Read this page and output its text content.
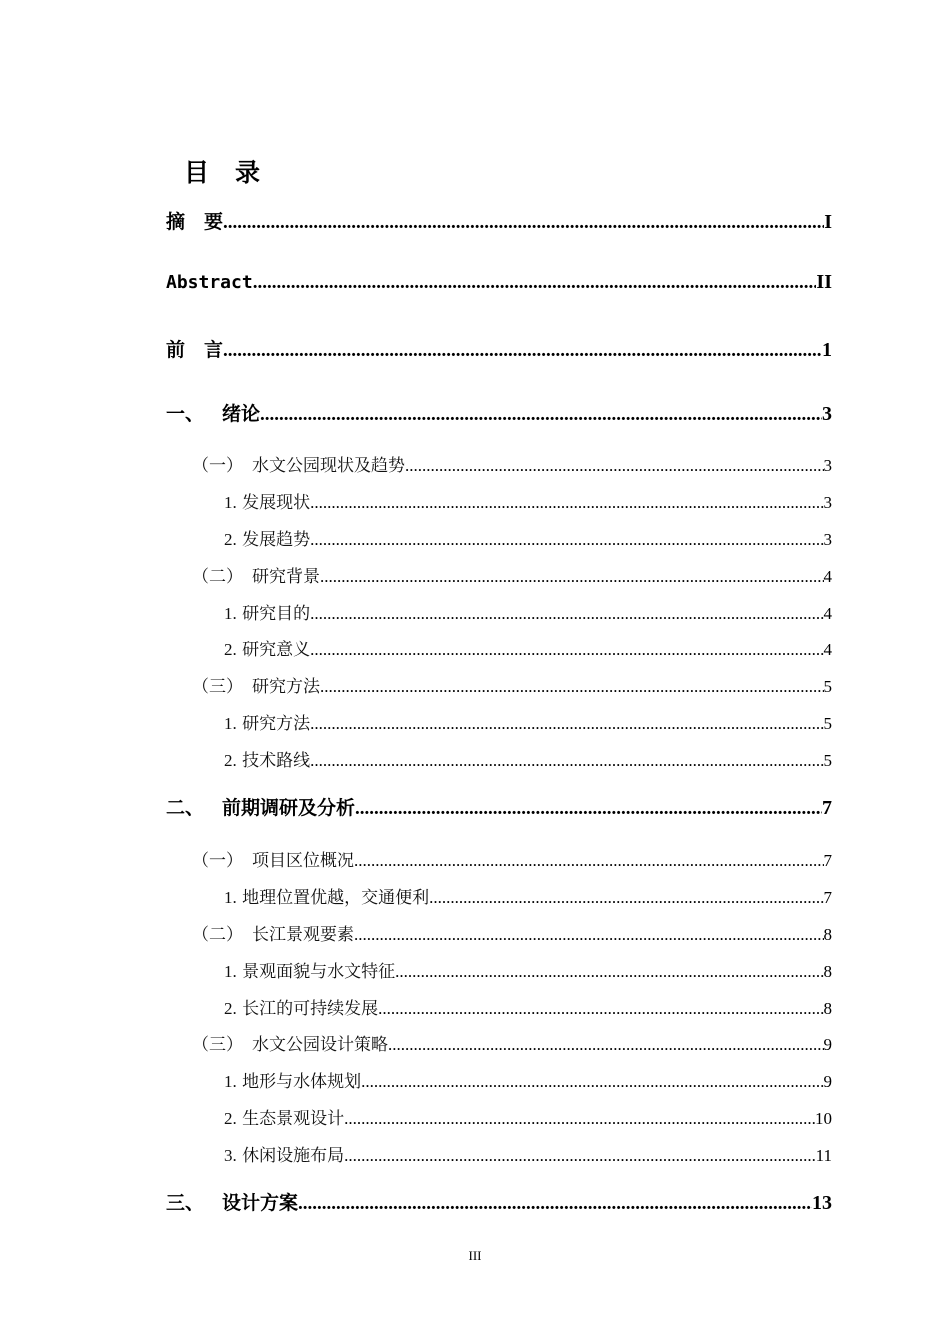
目 录
摘　要 .....	I
Abstract .....	II
前　言 .....	1
一、 绪论 .....	3
（一） 水文公园现状及趋势 .....	3
1. 发展现状 .....	3
2. 发展趋势 .....	3
（二） 研究背景 .....	4
1. 研究目的 .....	4
2. 研究意义 .....	4
（三） 研究方法 .....	5
1. 研究方法 .....	5
2. 技术路线 .....	5
二、 前期调研及分析 .....	7
（一） 项目区位概况 .....	7
1. 地理位置优越，交通便利 .....	7
（二） 长江景观要素 .....	8
1. 景观面貌与水文特征 .....	8
2. 长江的可持续发展 .....	8
（三） 水文公园设计策略 .....	9
1. 地形与水体规划 .....	9
2. 生态景观设计 .....	10
3. 休闲设施布局 .....	11
三、 设计方案 .....	13
III
